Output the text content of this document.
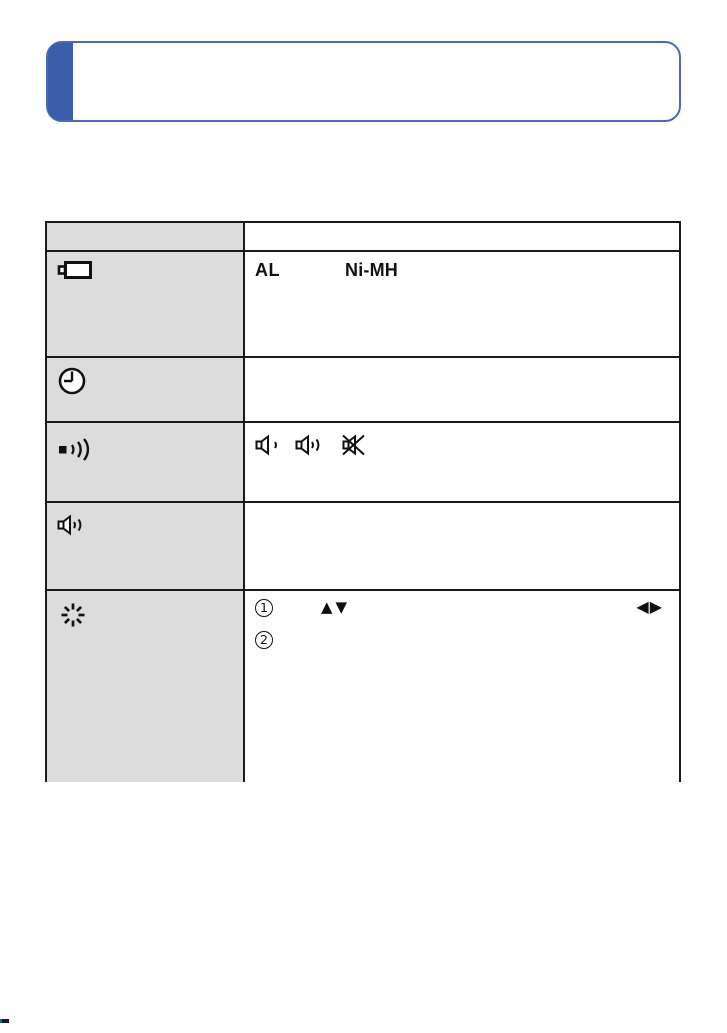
AL	Ni-MH
1	▲▼	◀▶
2
